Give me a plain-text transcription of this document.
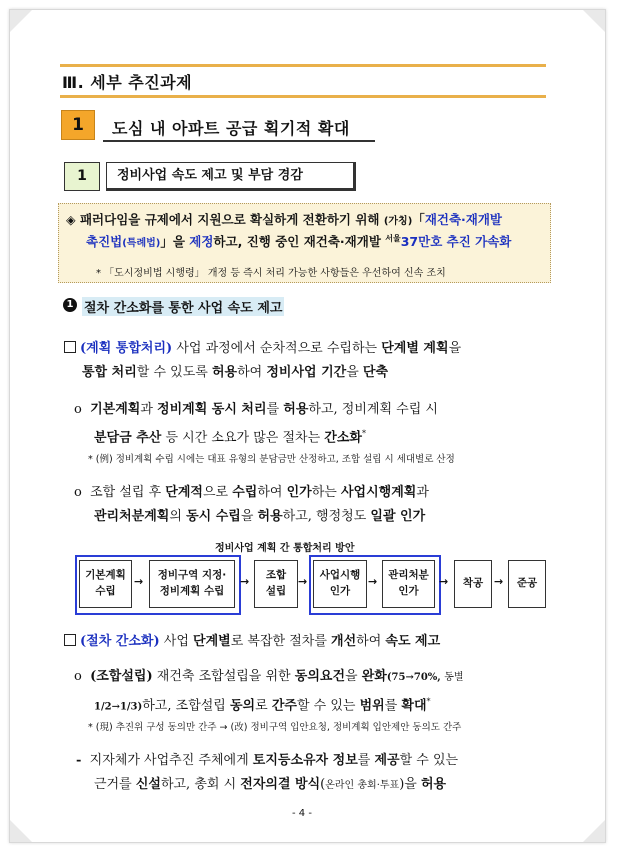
Ⅲ. 세부 추진과제
1	도심 내 아파트 공급 획기적 확대
1	정비사업 속도 제고 및 부담 경감
◈ 패러다임을 규제에서 지원으로 확실하게 전환하기 위해 (가칭)「재건축·재개발
촉진법(특례법)」을 제정하고, 진행 중인 재건축·재개발 $^{서울}$37만호 추진 가속화
* 「도시정비법 시행령」 개정 등 즉시 처리 가능한 사항들은 우선하여 신속 조치
1 절차 간소화를 통한 사업 속도 제고
(계획 통합처리) 사업 과정에서 순차적으로 수립하는 단계별 계획을
통합 처리할 수 있도록 허용하여 정비사업 기간을 단축
o 기본계획과 정비계획 동시 처리를 허용하고, 정비계획 수립 시
분담금 추산 등 시간 소요가 많은 절차는 간소화*
* (例) 정비계획 수립 시에는 대표 유형의 분담금만 산정하고, 조합 설립 시 세대별로 산정
o 조합 설립 후 단계적으로 수립하여 인가하는 사업시행계획과
관리처분계획의 동시 수립을 허용하고, 행정청도 일괄 인가
정비사업 계획 간 통합처리 방안
기본계획
수립
→ 정비구역 지정·
정비계획 수립
→ 조합
설립
→ 사업시행
인가
→ 관리처분
인가
→ 착공 → 준공
(절차 간소화) 사업 단계별로 복잡한 절차를 개선하여 속도 제고
o (조합설립) 재건축 조합설립을 위한 동의요건을 완화(75→70%, 동별
1/2→1/3)하고, 조합설립 동의로 간주할 수 있는 범위를 확대*
* (現) 추진위 구성 동의만 간주 → (改) 정비구역 입안요청, 정비계획 입안제안 동의도 간주
- 지자체가 사업추진 주체에게 토지등소유자 정보를 제공할 수 있는
근거를 신설하고, 총회 시 전자의결 방식(온라인 총회·투표)을 허용
- 4 -
